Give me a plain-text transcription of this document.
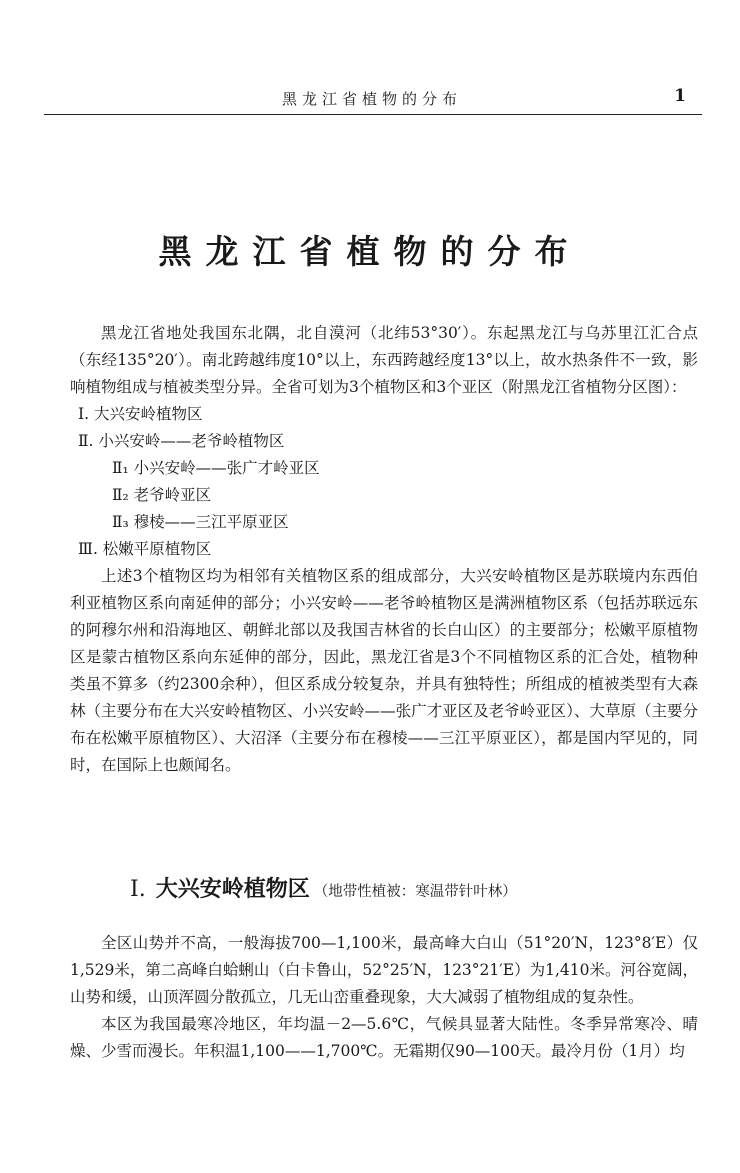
黑龙江省植物的分布	1
黑龙江省植物的分布

黑龙江省地处我国东北隅，北自漠河（北纬53°30′）。东起黑龙江与乌苏里江汇合点（东经135°20′）。南北跨越纬度10°以上，东西跨越经度13°以上，故水热条件不一致，影响植物组成与植被类型分异。全省可划为3个植物区和3个亚区（附黑龙江省植物分区图）：

Ⅰ. 大兴安岭植物区
Ⅱ. 小兴安岭——老爷岭植物区
Ⅱ₁ 小兴安岭——张广才岭亚区
Ⅱ₂ 老爷岭亚区
Ⅱ₃ 穆棱——三江平原亚区
Ⅲ. 松嫩平原植物区

上述3个植物区均为相邻有关植物区系的组成部分，大兴安岭植物区是苏联境内东西伯利亚植物区系向南延伸的部分；小兴安岭——老爷岭植物区是满洲植物区系（包括苏联远东的阿穆尔州和沿海地区、朝鲜北部以及我国吉林省的长白山区）的主要部分；松嫩平原植物区是蒙古植物区系向东延伸的部分，因此，黑龙江省是3个不同植物区系的汇合处，植物种类虽不算多（约2300余种），但区系成分较复杂，并具有独特性；所组成的植被类型有大森林（主要分布在大兴安岭植物区、小兴安岭——张广才亚区及老爷岭亚区）、大草原（主要分布在松嫩平原植物区）、大沼泽（主要分布在穆棱——三江平原亚区），都是国内罕见的，同时，在国际上也颇闻名。

Ⅰ. 大兴安岭植物区 （地带性植被：寒温带针叶林）

全区山势并不高，一般海拔700—1,100米，最高峰大白山（51°20′N，123°8′E）仅1,529米，第二高峰白蛤蜊山（白卡鲁山，52°25′N，123°21′E）为1,410米。河谷宽阔，山势和缓，山顶浑圆分散孤立，几无山峦重叠现象，大大减弱了植物组成的复杂性。

本区为我国最寒冷地区，年均温－2—5.6℃，气候具显著大陆性。冬季异常寒冷、晴燥、少雪而漫长。年积温1,100——1,700℃。无霜期仅90—100天。最冷月份（1月）均
